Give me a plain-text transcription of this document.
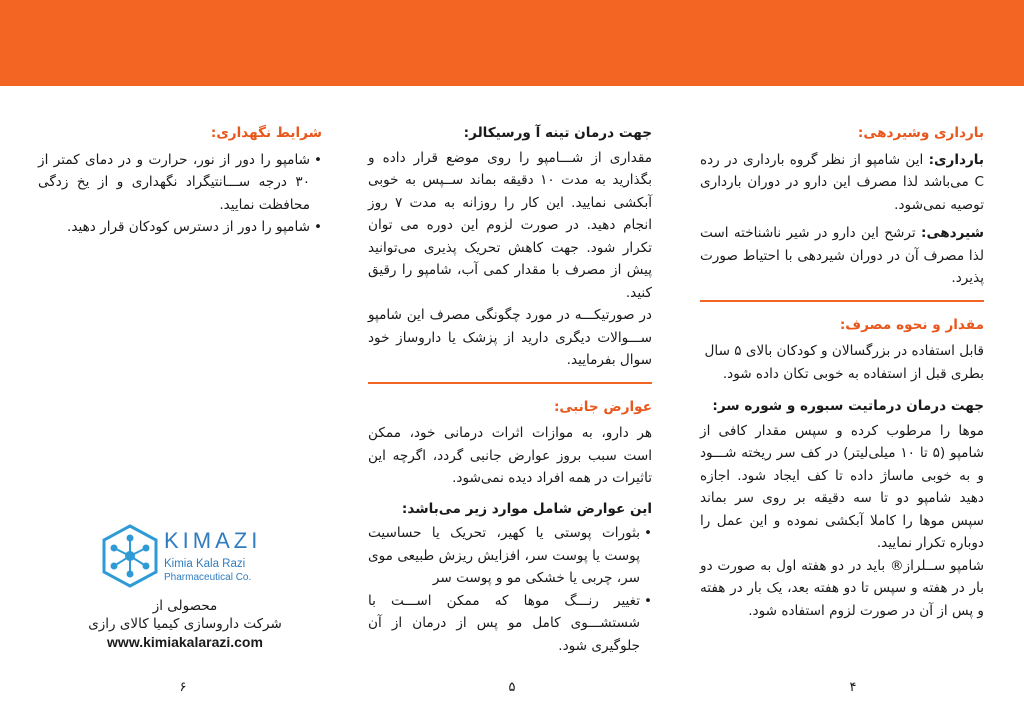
بارداری وشیردهی:

بارداری: این شامپو از نظر گروه بارداری در رده C می‌باشد لذا مصرف این دارو در دوران بارداری توصیه نمی‌شود.

شیردهی: ترشح این دارو در شیر ناشناخته است لذا مصرف آن در دوران شیردهی با احتیاط صورت پذیرد.

مقدار و نحوه مصرف:

قابل استفاده در بزرگسالان و کودکان بالای ۵ سال

بطری قبل از استفاده به خوبی تکان داده شود.

جهت درمان درماتیت سبوره و شوره سر:

موها را مرطوب کرده و سپس مقدار کافی از شامپو (۵ تا ۱۰ میلی‌لیتر) در کف سر ریخته شـــود و به خوبی ماساژ داده تا کف ایجاد شود. اجازه دهید شامپو دو تا سه دقیقه بر روی سر بماند سپس موها را کاملا آبکشی نموده و این عمل را دوباره تکرار نمایید.

شامپو ســلراز® باید در دو هفته اول به صورت دو بار در هفته و سپس تا دو هفته بعد، یک بار در هفته و پس از آن در صورت لزوم استفاده شود.

جهت درمان تینه آ ورسیکالر:

مقداری از شـــامپو را روی موضع قرار داده و بگذارید به مدت ۱۰ دقیقه بماند ســپس به خوبی آبکشی نمایید. این کار را روزانه به مدت ۷ روز انجام دهید. در صورت لزوم این دوره می توان تکرار شود. جهت کاهش تحریک پذیری می‌توانید پیش از مصرف با مقدار کمی آب، شامپو را رقیق کنید.

در صورتیکـــه در مورد چگونگی مصرف این شامپو ســـوالات دیگری دارید از پزشک یا داروساز خود سوال بفرمایید.

عوارض جانبی:

هر دارو، به موازات اثرات درمانی خود، ممکن است سبب بروز عوارض جانبی گردد، اگرچه این تاثیرات در همه افراد دیده نمی‌شود.

این عوارض شامل موارد زیر می‌باشد:

• بثورات پوستی یا کهیر، تحریک یا حساسیت پوست یا پوست سر، افزایش ریزش طبیعی موی سر، چربی یا خشکی مو و پوست سر
• تغییر رنـــگ موها که ممکن اســـت با شستشـــوی کامل مو پس از درمان از آن جلوگیری شود.

شرایط نگهداری:

• شامپو را دور از نور، حرارت و در دمای کمتر از ۳۰ درجه ســـانتیگراد نگهداری و از یخ زدگی محافظت نمایید.
• شامپو را دور از دسترس کودکان قرار دهید.
KIMAZI
Kimia Kala Razi
Pharmaceutical Co.
محصولی از
شرکت داروسازی کیمیا کالای رازی
www.kimiakalarazi.com
۶	۵	۴
